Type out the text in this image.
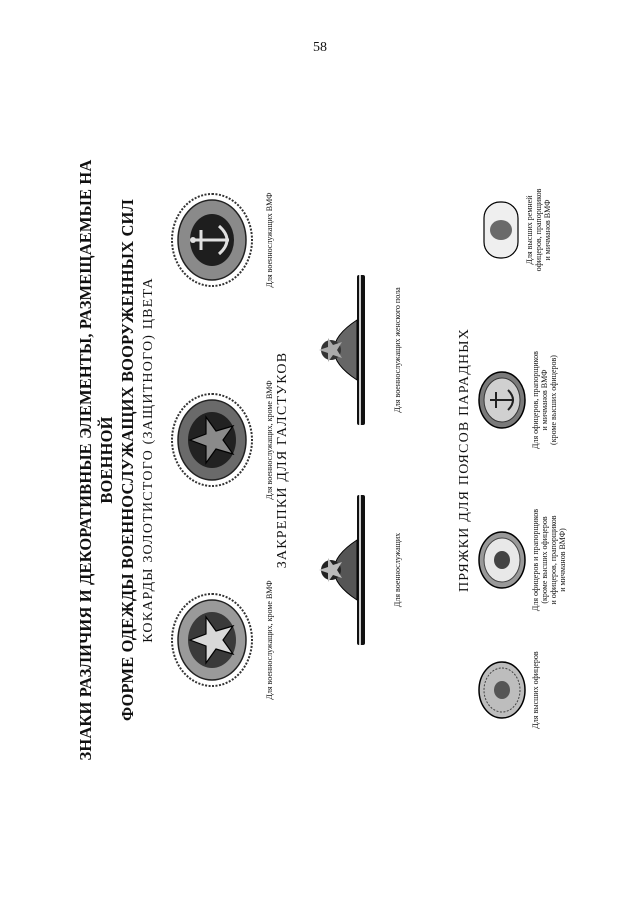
58
ЗНАКИ РАЗЛИЧИЯ И ДЕКОРАТИВНЫЕ ЭЛЕМЕНТЫ, РАЗМЕЩАЕМЫЕ НА ВОЕННОЙ ФОРМЕ ОДЕЖДЫ ВОЕННОСЛУЖАЩИХ ВООРУЖЕННЫХ СИЛ КОКАРДЫ ЗОЛОТИСТОГО (ЗАЩИТНОГО) ЦВЕТА	Для военнослужащих, кроме ВМФ
Для военнослужащих, кроме ВМФ
Для военнослужащих ВМФ
ЗАКРЕПКИ ДЛЯ ГАЛСТУКОВ
Для военнослужащих
Для военнослужащих женского пола	ПРЯЖКИ ДЛЯ ПОЯСОВ ПАРАДНЫХ
Для высших офицеров
Для офицеров и прапорщиков (кроме высших офицеров и офицеров, прапорщиков и мичманов ВМФ)
Для офицеров, прапорщиков и мичманов ВМФ (кроме высших офицеров)
Для высших ремней офицеров, прапорщиков и мичманов ВМФ
